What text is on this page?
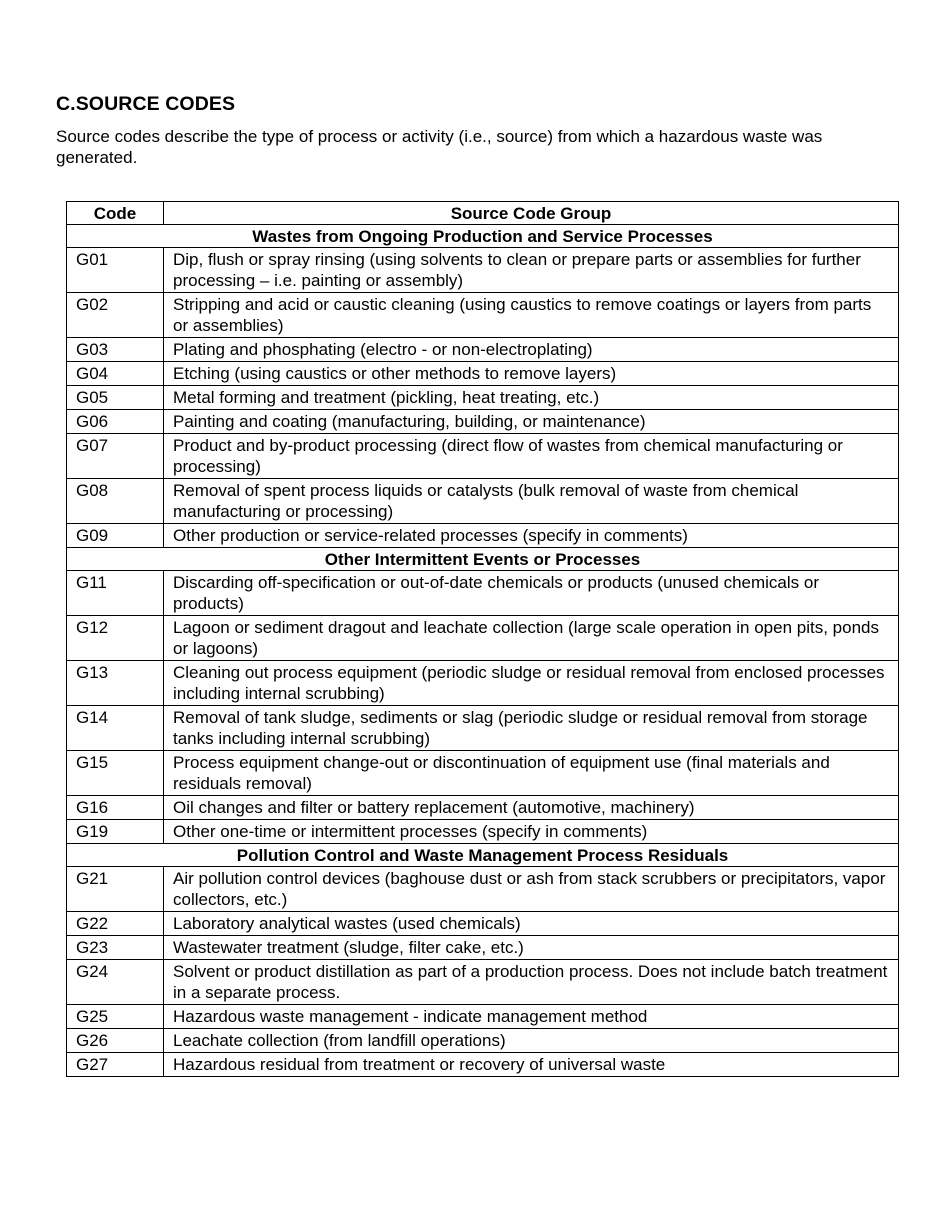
C.SOURCE CODES

Source codes describe the type of process or activity (i.e., source) from which a hazardous waste was generated.

Code	Source Code Group
Wastes from Ongoing Production and Service Processes	
G01	Dip, flush or spray rinsing (using solvents to clean or prepare parts or assemblies for further processing – i.e. painting or assembly)
G02	Stripping and acid or caustic cleaning (using caustics to remove coatings or layers from parts or assemblies)
G03	Plating and phosphating (electro - or non-electroplating)
G04	Etching (using caustics or other methods to remove layers)
G05	Metal forming and treatment (pickling, heat treating, etc.)
G06	Painting and coating (manufacturing, building, or maintenance)
G07	Product and by-product processing (direct flow of wastes from chemical manufacturing or processing)
G08	Removal of spent process liquids or catalysts (bulk removal of waste from chemical manufacturing or processing)
G09	Other production or service-related processes (specify in comments)
Other Intermittent Events or Processes	
G11	Discarding off-specification or out-of-date chemicals or products (unused chemicals or products)
G12	Lagoon or sediment dragout and leachate collection (large scale operation in open pits, ponds or lagoons)
G13	Cleaning out process equipment (periodic sludge or residual removal from enclosed processes including internal scrubbing)
G14	Removal of tank sludge, sediments or slag (periodic sludge or residual removal from storage tanks including internal scrubbing)
G15	Process equipment change-out or discontinuation of equipment use (final materials and residuals removal)
G16	Oil changes and filter or battery replacement (automotive, machinery)
G19	Other one-time or intermittent processes (specify in comments)
Pollution Control and Waste Management Process Residuals	
G21	Air pollution control devices (baghouse dust or ash from stack scrubbers or precipitators, vapor collectors, etc.)
G22	Laboratory analytical wastes (used chemicals)
G23	Wastewater treatment (sludge, filter cake, etc.)
G24	Solvent or product distillation as part of a production process. Does not include batch treatment in a separate process.
G25	Hazardous waste management - indicate management method
G26	Leachate collection (from landfill operations)
G27	Hazardous residual from treatment or recovery of universal waste
